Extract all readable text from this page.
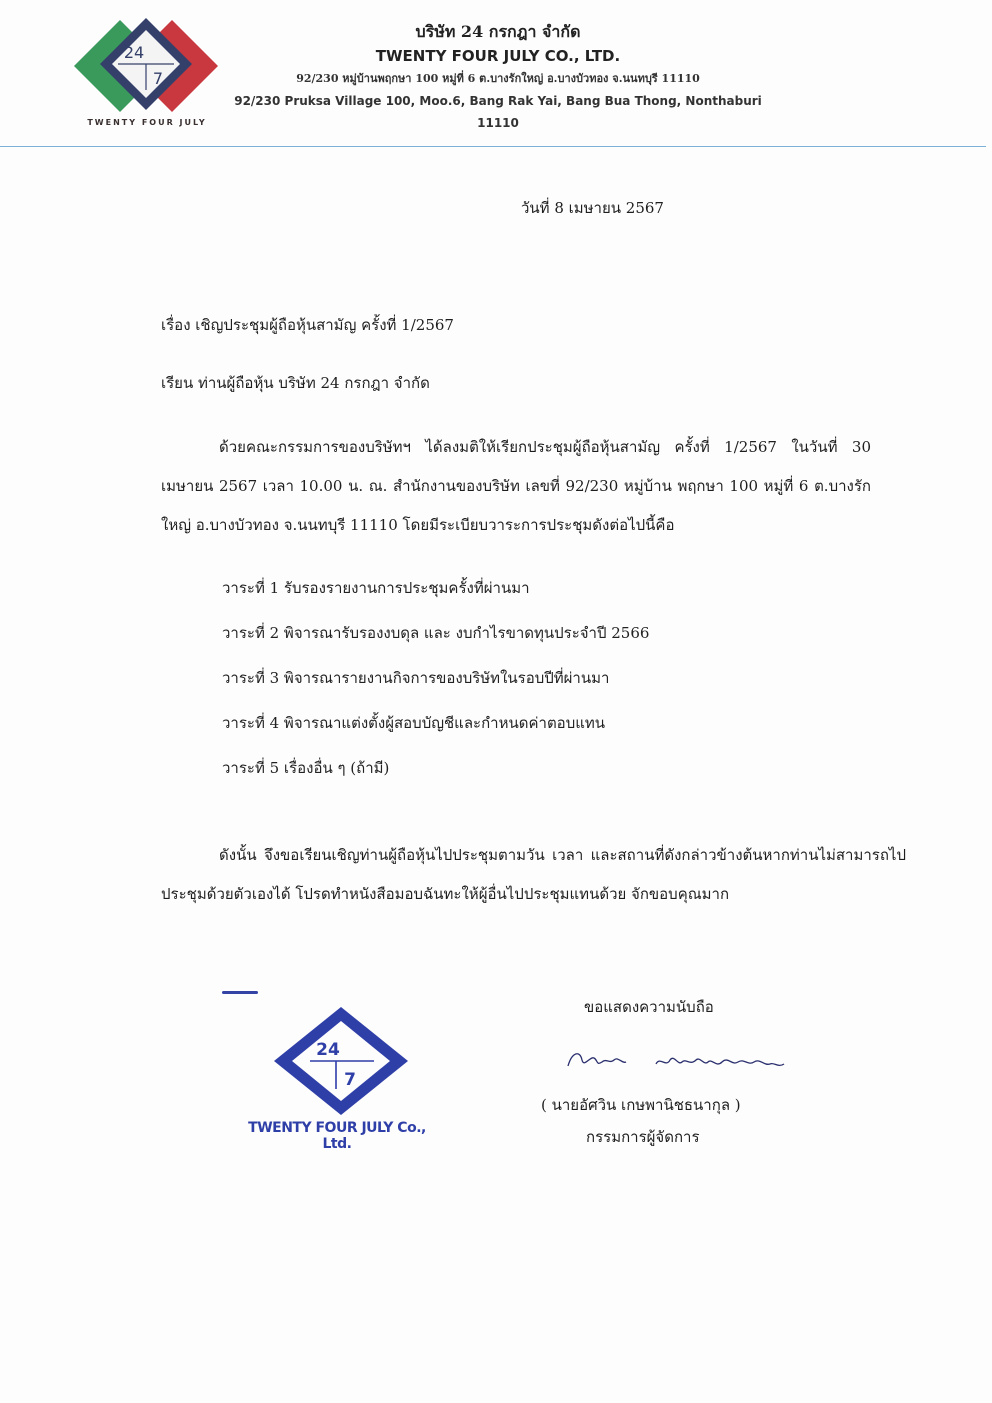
24
7
TWENTY FOUR JULY
บริษัท 24 กรกฎา จำกัด
TWENTY FOUR JULY CO., LTD.
92/230 หมู่บ้านพฤกษา 100 หมู่ที่ 6 ต.บางรักใหญ่ อ.บางบัวทอง จ.นนทบุรี 11110
92/230 Pruksa Village 100, Moo.6, Bang Rak Yai, Bang Bua Thong, Nonthaburi 11110
วันที่ 8 เมษายน 2567
เรื่อง เชิญประชุมผู้ถือหุ้นสามัญ ครั้งที่ 1/2567
เรียน ท่านผู้ถือหุ้น บริษัท 24 กรกฎา จำกัด
ด้วยคณะกรรมการของบริษัทฯ ได้ลงมติให้เรียกประชุมผู้ถือหุ้นสามัญ ครั้งที่ 1/2567 ในวันที่ 30 เมษายน 2567 เวลา 10.00 น. ณ. สำนักงานของบริษัท เลขที่ 92/230 หมู่บ้าน พฤกษา 100 หมู่ที่ 6 ต.บางรักใหญ่ อ.บางบัวทอง จ.นนทบุรี 11110 โดยมีระเบียบวาระการประชุมดังต่อไปนี้คือ
วาระที่ 1 รับรองรายงานการประชุมครั้งที่ผ่านมา
วาระที่ 2 พิจารณารับรองงบดุล และ งบกำไรขาดทุนประจำปี 2566
วาระที่ 3 พิจารณารายงานกิจการของบริษัทในรอบปีที่ผ่านมา
วาระที่ 4 พิจารณาแต่งตั้งผู้สอบบัญชีและกำหนดค่าตอบแทน
วาระที่ 5 เรื่องอื่น ๆ (ถ้ามี)
ดังนั้น จึงขอเรียนเชิญท่านผู้ถือหุ้นไปประชุมตามวัน เวลา และสถานที่ดังกล่าวข้างต้นหากท่านไม่สามารถไปประชุมด้วยตัวเองได้ โปรดทำหนังสือมอบฉันทะให้ผู้อื่นไปประชุมแทนด้วย จักขอบคุณมาก
24
7
TWENTY FOUR JULY Co., Ltd.
ขอแสดงความนับถือ
( นายอัศวิน เกษพานิชธนากุล )
กรรมการผู้จัดการ
